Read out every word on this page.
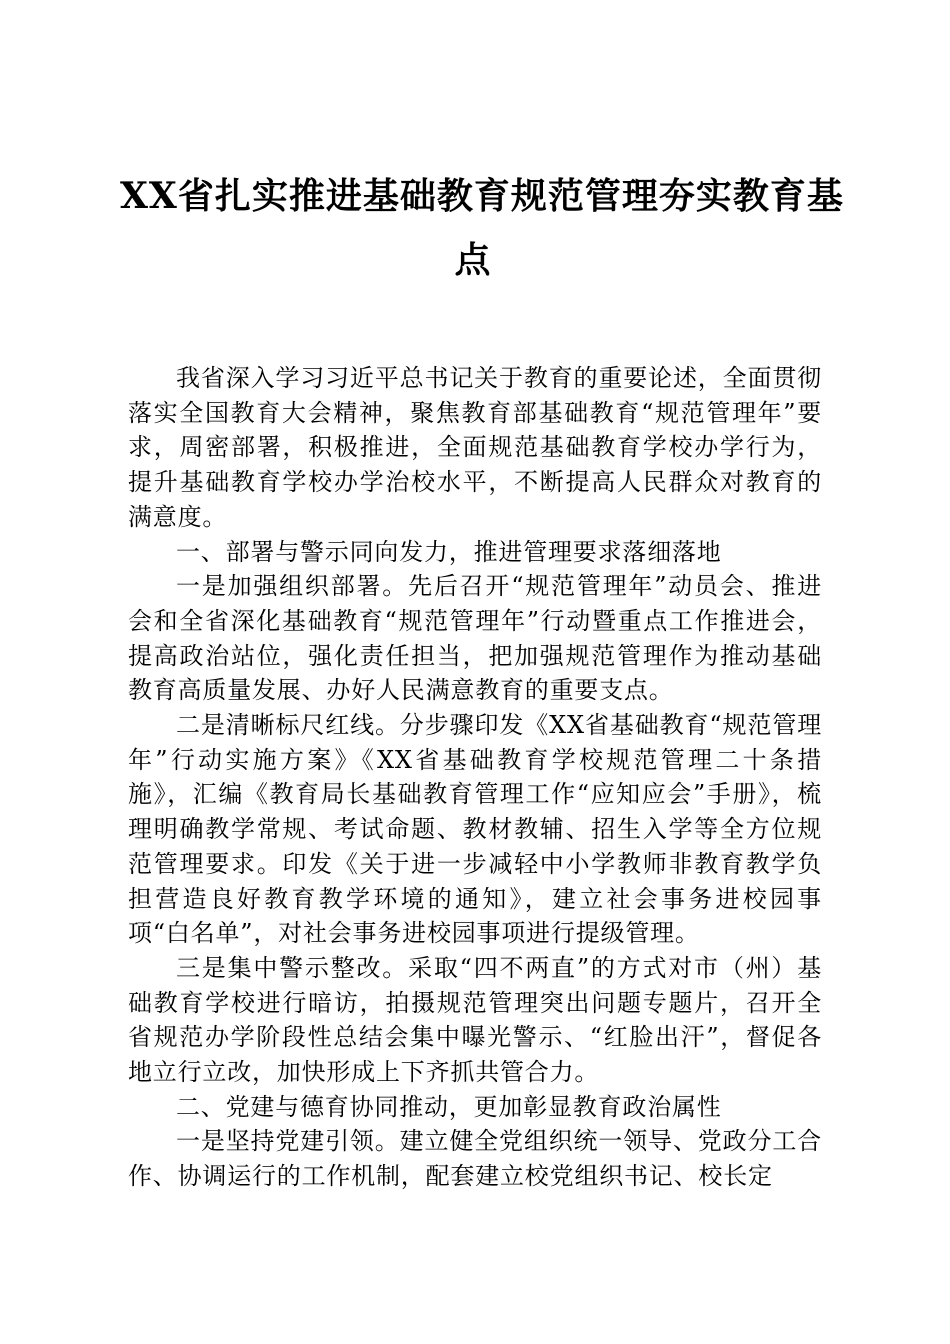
XX省扎实推进基础教育规范管理夯实教育基
点

我省深入学习习近平总书记关于教育的重要论述，全面贯彻落实全国教育大会精神，聚焦教育部基础教育“规范管理年”要求，周密部署，积极推进，全面规范基础教育学校办学行为，提升基础教育学校办学治校水平，不断提高人民群众对教育的满意度。

一、部署与警示同向发力，推进管理要求落细落地

一是加强组织部署。先后召开“规范管理年”动员会、推进会和全省深化基础教育“规范管理年”行动暨重点工作推进会，提高政治站位，强化责任担当，把加强规范管理作为推动基础教育高质量发展、办好人民满意教育的重要支点。

二是清晰标尺红线。分步骤印发《XX省基础教育“规范管理年”行动实施方案》《XX省基础教育学校规范管理二十条措施》，汇编《教育局长基础教育管理工作“应知应会”手册》，梳理明确教学常规、考试命题、教材教辅、招生入学等全方位规范管理要求。印发《关于进一步减轻中小学教师非教育教学负担营造良好教育教学环境的通知》，建立社会事务进校园事项“白名单”，对社会事务进校园事项进行提级管理。

三是集中警示整改。采取“四不两直”的方式对市（州）基础教育学校进行暗访，拍摄规范管理突出问题专题片，召开全省规范办学阶段性总结会集中曝光警示、“红脸出汗”，督促各地立行立改，加快形成上下齐抓共管合力。

二、党建与德育协同推动，更加彰显教育政治属性

一是坚持党建引领。建立健全党组织统一领导、党政分工合作、协调运行的工作机制，配套建立校党组织书记、校长定
